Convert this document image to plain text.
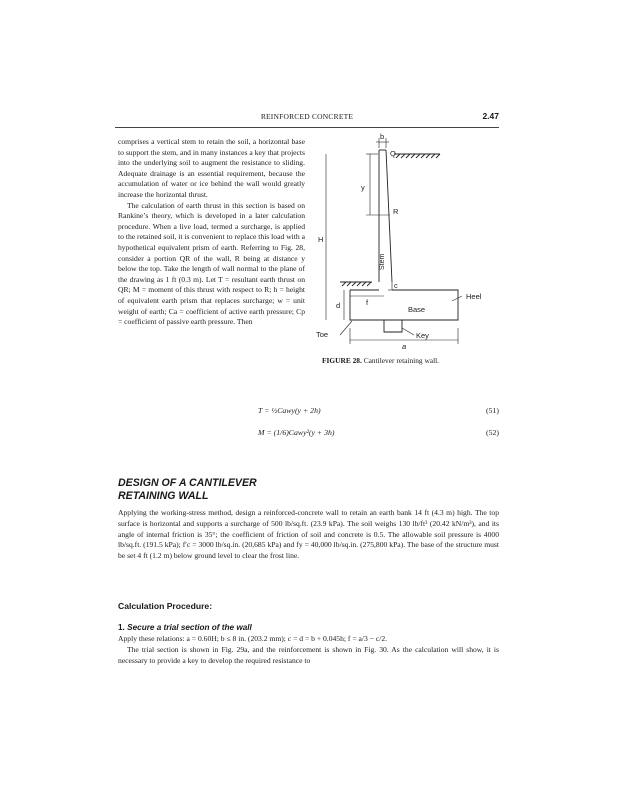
REINFORCED CONCRETE	2.47

comprises a vertical stem to retain the soil, a horizontal base to support the stem, and in many instances a key that projects into the underlying soil to augment the resistance to sliding. Adequate drainage is an essential requirement, because the accumulation of water or ice behind the wall would greatly increase the horizontal thrust.

The calculation of earth thrust in this section is based on Rankine’s theory, which is developed in a later calculation procedure. When a live load, termed a surcharge, is applied to the retained soil, it is convenient to replace this load with a hypothetical equivalent prism of earth. Referring to Fig. 28, consider a portion QR of the wall, R being at distance y below the top. Take the length of wall normal to the plane of the drawing as 1 ft (0.3 m). Let T = resultant earth thrust on QR; M = moment of this thrust with respect to R; h = height of equivalent earth prism that replaces surcharge; w = unit weight of earth; Ca = coefficient of active earth pressure; Cp = coefficient of passive earth pressure. Then

b
Q
y
R
H
Stem
c
f
Heel
d	Base
Toe	Key
a
FIGURE 28. Cantilever retaining wall.
T = ½Cawy(y + 2h)	(51)
M = (1/6)Cawy²(y + 3h)	(52)
DESIGN OF A CANTILEVER
RETAINING WALL

Applying the working-stress method, design a reinforced-concrete wall to retain an earth bank 14 ft (4.3 m) high. The top surface is horizontal and supports a surcharge of 500 lb/sq.ft. (23.9 kPa). The soil weighs 130 lb/ft³ (20.42 kN/m³), and its angle of internal friction is 35°; the coefficient of friction of soil and concrete is 0.5. The allowable soil pressure is 4000 lb/sq.ft. (191.5 kPa); f′c = 3000 lb/sq.in. (20,685 kPa) and fy = 40,000 lb/sq.in. (275,800 kPa). The base of the structure must be set 4 ft (1.2 m) below ground level to clear the frost line.

Calculation Procedure:
1. Secure a trial section of the wall

Apply these relations: a = 0.60H; b ≤ 8 in. (203.2 mm); c = d = b + 0.045h; f = a/3 − c/2.

The trial section is shown in Fig. 29a, and the reinforcement is shown in Fig. 30. As the calculation will show, it is necessary to provide a key to develop the required resistance to
